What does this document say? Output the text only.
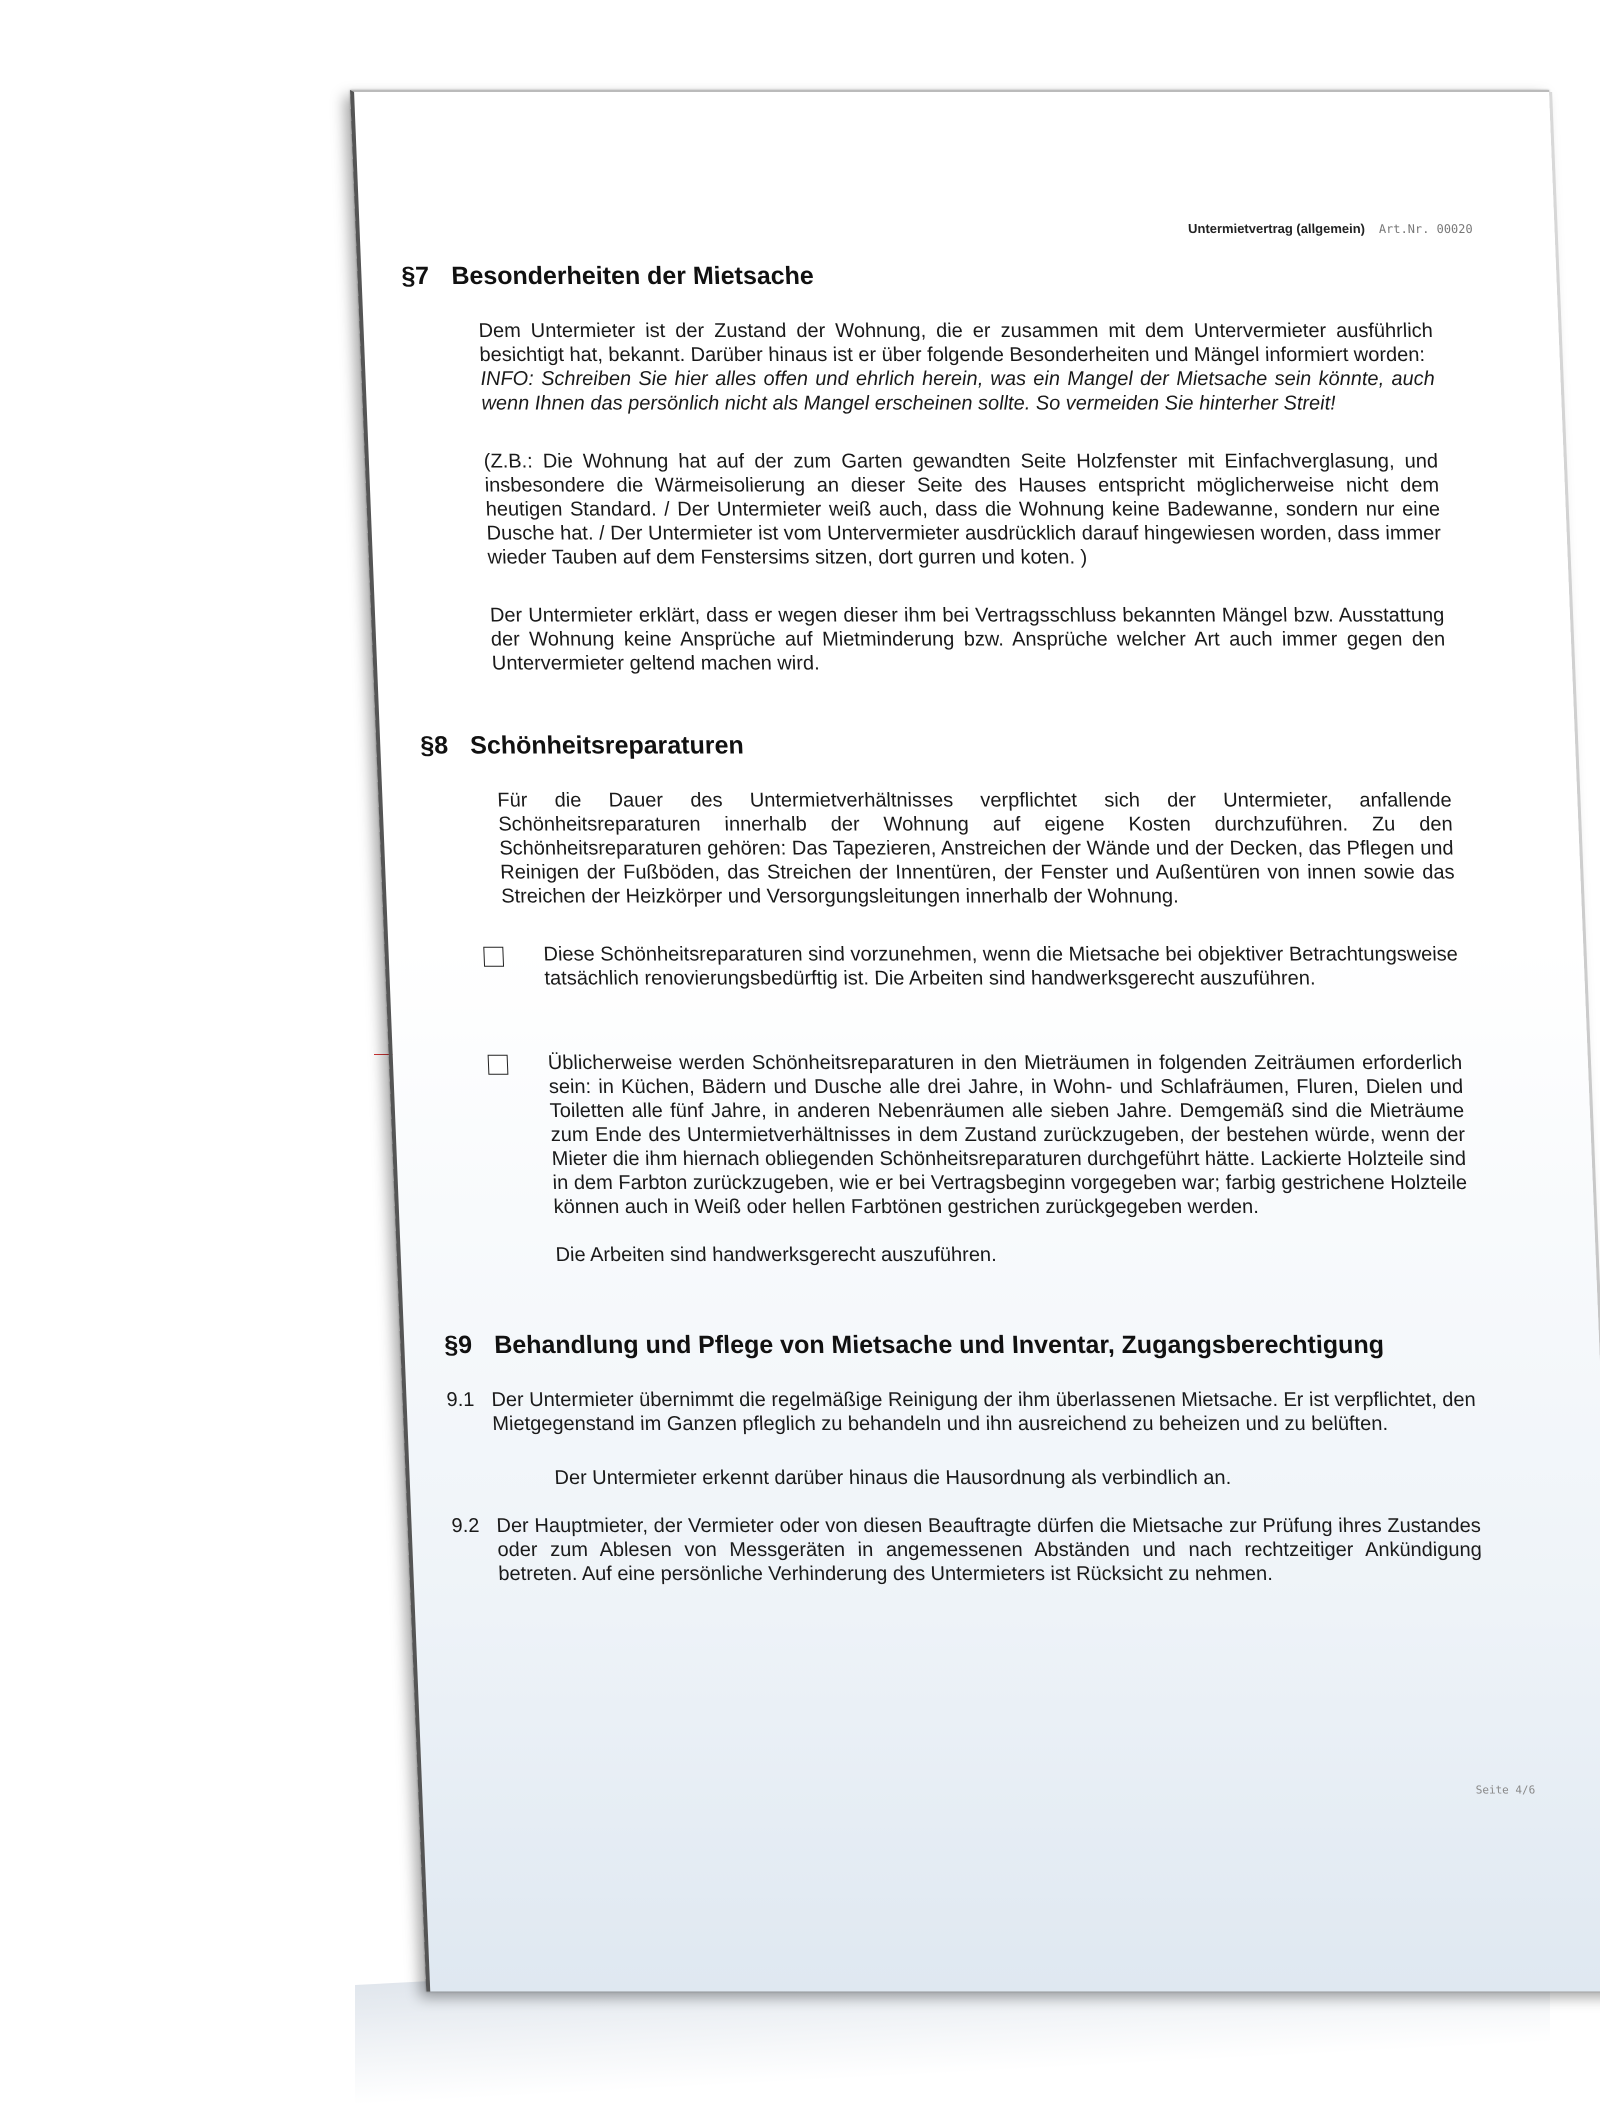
Untermietvertrag (allgemein) Art.Nr. 00020
§7 Besonderheiten der Mietsache

Dem Untermieter ist der Zustand der Wohnung, die er zusammen mit dem Untervermieter ausführlich besichtigt hat, bekannt. Darüber hinaus ist er über folgende Besonderheiten und Mängel informiert worden:

INFO: Schreiben Sie hier alles offen und ehrlich herein, was ein Mangel der Mietsache sein könnte, auch wenn Ihnen das persönlich nicht als Mangel erscheinen sollte. So vermeiden Sie hinterher Streit!

(Z.B.: Die Wohnung hat auf der zum Garten gewandten Seite Holzfenster mit Einfachverglasung, und insbesondere die Wärmeisolierung an dieser Seite des Hauses entspricht möglicherweise nicht dem heutigen Standard. / Der Untermieter weiß auch, dass die Wohnung keine Badewanne, sondern nur eine Dusche hat. / Der Untermieter ist vom Untervermieter ausdrücklich darauf hingewiesen worden, dass immer wieder Tauben auf dem Fenstersims sitzen, dort gurren und koten. )

Der Untermieter erklärt, dass er wegen dieser ihm bei Vertragsschluss bekannten Mängel bzw. Ausstattung der Wohnung keine Ansprüche auf Mietminderung bzw. Ansprüche welcher Art auch immer gegen den Untervermieter geltend machen wird.

§8 Schönheitsreparaturen

Für die Dauer des Untermietverhältnisses verpflichtet sich der Untermieter, anfallende Schönheitsreparaturen innerhalb der Wohnung auf eigene Kosten durchzuführen. Zu den Schönheitsreparaturen gehören: Das Tapezieren, Anstreichen der Wände und der Decken, das Pflegen und Reinigen der Fußböden, das Streichen der Innentüren, der Fenster und Außentüren von innen sowie das Streichen der Heizkörper und Versorgungsleitungen innerhalb der Wohnung.

Diese Schönheitsreparaturen sind vorzunehmen, wenn die Mietsache bei objektiver Betrachtungsweise tatsächlich renovierungsbedürftig ist. Die Arbeiten sind handwerksgerecht auszuführen.

Üblicherweise werden Schönheitsreparaturen in den Mieträumen in folgenden Zeiträumen erforderlich sein: in Küchen, Bädern und Dusche alle drei Jahre, in Wohn- und Schlafräumen, Fluren, Dielen und Toiletten alle fünf Jahre, in anderen Nebenräumen alle sieben Jahre. Demgemäß sind die Mieträume zum Ende des Untermietverhältnisses in dem Zustand zurückzugeben, der bestehen würde, wenn der Mieter die ihm hiernach obliegenden Schönheitsreparaturen durchgeführt hätte. Lackierte Holzteile sind in dem Farbton zurückzugeben, wie er bei Vertragsbeginn vorgegeben war; farbig gestrichene Holzteile können auch in Weiß oder hellen Farbtönen gestrichen zurückgegeben werden.

Die Arbeiten sind handwerksgerecht auszuführen.

§9 Behandlung und Pflege von Mietsache und Inventar, Zugangsberechtigung
9.1 Der Untermieter übernimmt die regelmäßige Reinigung der ihm überlassenen Mietsache. Er ist verpflichtet, den Mietgegenstand im Ganzen pfleglich zu behandeln und ihn ausreichend zu beheizen und zu belüften.

Der Untermieter erkennt darüber hinaus die Hausordnung als verbindlich an.

9.2 Der Hauptmieter, der Vermieter oder von diesen Beauftragte dürfen die Mietsache zur Prüfung ihres Zustandes oder zum Ablesen von Messgeräten in angemessenen Abständen und nach rechtzeitiger Ankündigung betreten. Auf eine persönliche Verhinderung des Untermieters ist Rücksicht zu nehmen.

Seite 4/6
